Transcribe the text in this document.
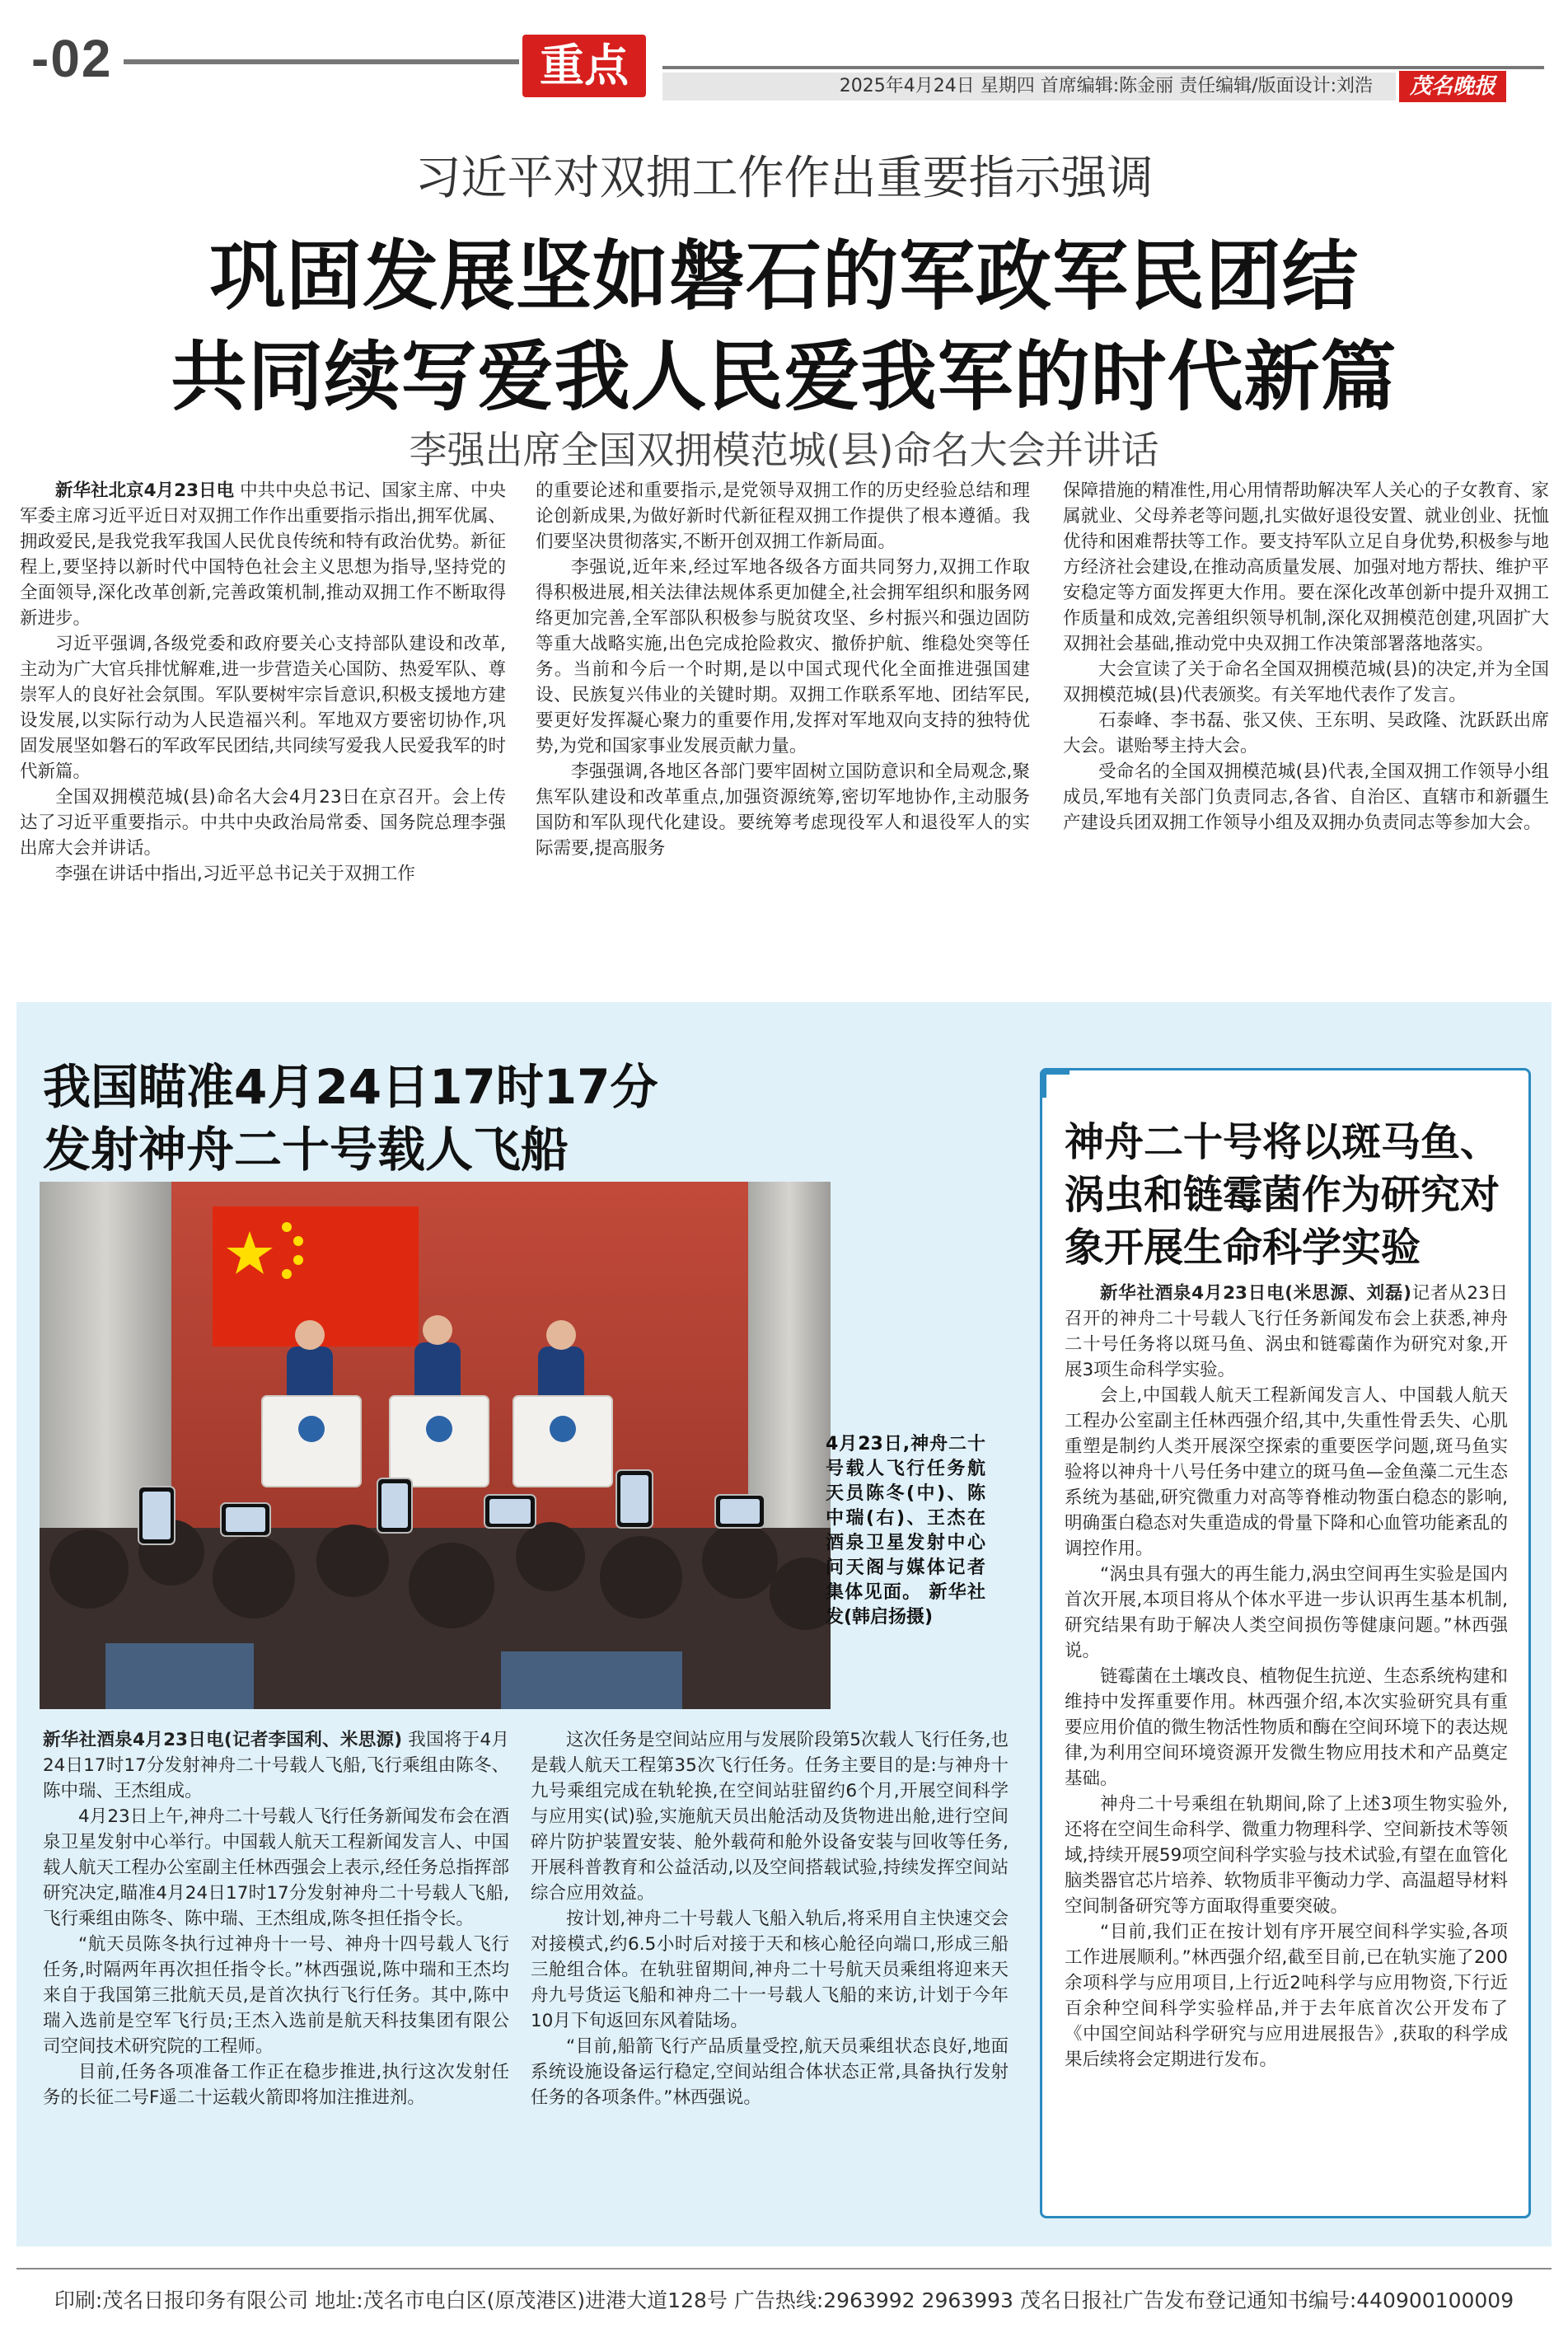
-02	重点	2025年4月24日 星期四 首席编辑:陈金丽 责任编辑/版面设计:刘浩	茂名晚报
习近平对双拥工作作出重要指示强调
巩固发展坚如磐石的军政军民团结
共同续写爱我人民爱我军的时代新篇
李强出席全国双拥模范城(县)命名大会并讲话

新华社北京4月23日电 中共中央总书记、国家主席、中央军委主席习近平近日对双拥工作作出重要指示指出,拥军优属、拥政爱民,是我党我军我国人民优良传统和特有政治优势。新征程上,要坚持以新时代中国特色社会主义思想为指导,坚持党的全面领导,深化改革创新,完善政策机制,推动双拥工作不断取得新进步。

习近平强调,各级党委和政府要关心支持部队建设和改革,主动为广大官兵排忧解难,进一步营造关心国防、热爱军队、尊崇军人的良好社会氛围。军队要树牢宗旨意识,积极支援地方建设发展,以实际行动为人民造福兴利。军地双方要密切协作,巩固发展坚如磐石的军政军民团结,共同续写爱我人民爱我军的时代新篇。

全国双拥模范城(县)命名大会4月23日在京召开。会上传达了习近平重要指示。中共中央政治局常委、国务院总理李强出席大会并讲话。

李强在讲话中指出,习近平总书记关于双拥工作

的重要论述和重要指示,是党领导双拥工作的历史经验总结和理论创新成果,为做好新时代新征程双拥工作提供了根本遵循。我们要坚决贯彻落实,不断开创双拥工作新局面。

李强说,近年来,经过军地各级各方面共同努力,双拥工作取得积极进展,相关法律法规体系更加健全,社会拥军组织和服务网络更加完善,全军部队积极参与脱贫攻坚、乡村振兴和强边固防等重大战略实施,出色完成抢险救灾、撤侨护航、维稳处突等任务。当前和今后一个时期,是以中国式现代化全面推进强国建设、民族复兴伟业的关键时期。双拥工作联系军地、团结军民,要更好发挥凝心聚力的重要作用,发挥对军地双向支持的独特优势,为党和国家事业发展贡献力量。

李强强调,各地区各部门要牢固树立国防意识和全局观念,聚焦军队建设和改革重点,加强资源统筹,密切军地协作,主动服务国防和军队现代化建设。要统筹考虑现役军人和退役军人的实际需要,提高服务

保障措施的精准性,用心用情帮助解决军人关心的子女教育、家属就业、父母养老等问题,扎实做好退役安置、就业创业、抚恤优待和困难帮扶等工作。要支持军队立足自身优势,积极参与地方经济社会建设,在推动高质量发展、加强对地方帮扶、维护平安稳定等方面发挥更大作用。要在深化改革创新中提升双拥工作质量和成效,完善组织领导机制,深化双拥模范创建,巩固扩大双拥社会基础,推动党中央双拥工作决策部署落地落实。

大会宣读了关于命名全国双拥模范城(县)的决定,并为全国双拥模范城(县)代表颁奖。有关军地代表作了发言。

石泰峰、李书磊、张又侠、王东明、吴政隆、沈跃跃出席大会。谌贻琴主持大会。

受命名的全国双拥模范城(县)代表,全国双拥工作领导小组成员,军地有关部门负责同志,各省、自治区、直辖市和新疆生产建设兵团双拥工作领导小组及双拥办负责同志等参加大会。

我国瞄准4月24日17时17分
发射神舟二十号载人飞船
4月23日,神舟二十号载人飞行任务航天员陈冬(中)、陈中瑞(右)、王杰在酒泉卫星发射中心问天阁与媒体记者集体见面。 新华社发(韩启扬摄)

新华社酒泉4月23日电(记者李国利、米思源) 我国将于4月24日17时17分发射神舟二十号载人飞船,飞行乘组由陈冬、陈中瑞、王杰组成。

4月23日上午,神舟二十号载人飞行任务新闻发布会在酒泉卫星发射中心举行。中国载人航天工程新闻发言人、中国载人航天工程办公室副主任林西强会上表示,经任务总指挥部研究决定,瞄准4月24日17时17分发射神舟二十号载人飞船,飞行乘组由陈冬、陈中瑞、王杰组成,陈冬担任指令长。

“航天员陈冬执行过神舟十一号、神舟十四号载人飞行任务,时隔两年再次担任指令长。”林西强说,陈中瑞和王杰均来自于我国第三批航天员,是首次执行飞行任务。其中,陈中瑞入选前是空军飞行员;王杰入选前是航天科技集团有限公司空间技术研究院的工程师。

目前,任务各项准备工作正在稳步推进,执行这次发射任务的长征二号F遥二十运载火箭即将加注推进剂。

这次任务是空间站应用与发展阶段第5次载人飞行任务,也是载人航天工程第35次飞行任务。任务主要目的是:与神舟十九号乘组完成在轨轮换,在空间站驻留约6个月,开展空间科学与应用实(试)验,实施航天员出舱活动及货物进出舱,进行空间碎片防护装置安装、舱外载荷和舱外设备安装与回收等任务,开展科普教育和公益活动,以及空间搭载试验,持续发挥空间站综合应用效益。

按计划,神舟二十号载人飞船入轨后,将采用自主快速交会对接模式,约6.5小时后对接于天和核心舱径向端口,形成三船三舱组合体。在轨驻留期间,神舟二十号航天员乘组将迎来天舟九号货运飞船和神舟二十一号载人飞船的来访,计划于今年10月下旬返回东风着陆场。

“目前,船箭飞行产品质量受控,航天员乘组状态良好,地面系统设施设备运行稳定,空间站组合体状态正常,具备执行发射任务的各项条件。”林西强说。

神舟二十号将以斑马鱼、涡虫和链霉菌作为研究对象开展生命科学实验

新华社酒泉4月23日电(米思源、刘磊)记者从23日召开的神舟二十号载人飞行任务新闻发布会上获悉,神舟二十号任务将以斑马鱼、涡虫和链霉菌作为研究对象,开展3项生命科学实验。

会上,中国载人航天工程新闻发言人、中国载人航天工程办公室副主任林西强介绍,其中,失重性骨丢失、心肌重塑是制约人类开展深空探索的重要医学问题,斑马鱼实验将以神舟十八号任务中建立的斑马鱼—金鱼藻二元生态系统为基础,研究微重力对高等脊椎动物蛋白稳态的影响,明确蛋白稳态对失重造成的骨量下降和心血管功能紊乱的调控作用。

“涡虫具有强大的再生能力,涡虫空间再生实验是国内首次开展,本项目将从个体水平进一步认识再生基本机制,研究结果有助于解决人类空间损伤等健康问题。”林西强说。

链霉菌在土壤改良、植物促生抗逆、生态系统构建和维持中发挥重要作用。林西强介绍,本次实验研究具有重要应用价值的微生物活性物质和酶在空间环境下的表达规律,为利用空间环境资源开发微生物应用技术和产品奠定基础。

神舟二十号乘组在轨期间,除了上述3项生物实验外,还将在空间生命科学、微重力物理科学、空间新技术等领域,持续开展59项空间科学实验与技术试验,有望在血管化脑类器官芯片培养、软物质非平衡动力学、高温超导材料空间制备研究等方面取得重要突破。

“目前,我们正在按计划有序开展空间科学实验,各项工作进展顺利。”林西强介绍,截至目前,已在轨实施了200余项科学与应用项目,上行近2吨科学与应用物资,下行近百余种空间科学实验样品,并于去年底首次公开发布了《中国空间站科学研究与应用进展报告》,获取的科学成果后续将会定期进行发布。

印刷:茂名日报印务有限公司 地址:茂名市电白区(原茂港区)进港大道128号 广告热线:2963992 2963993 茂名日报社广告发布登记通知书编号:440900100009
